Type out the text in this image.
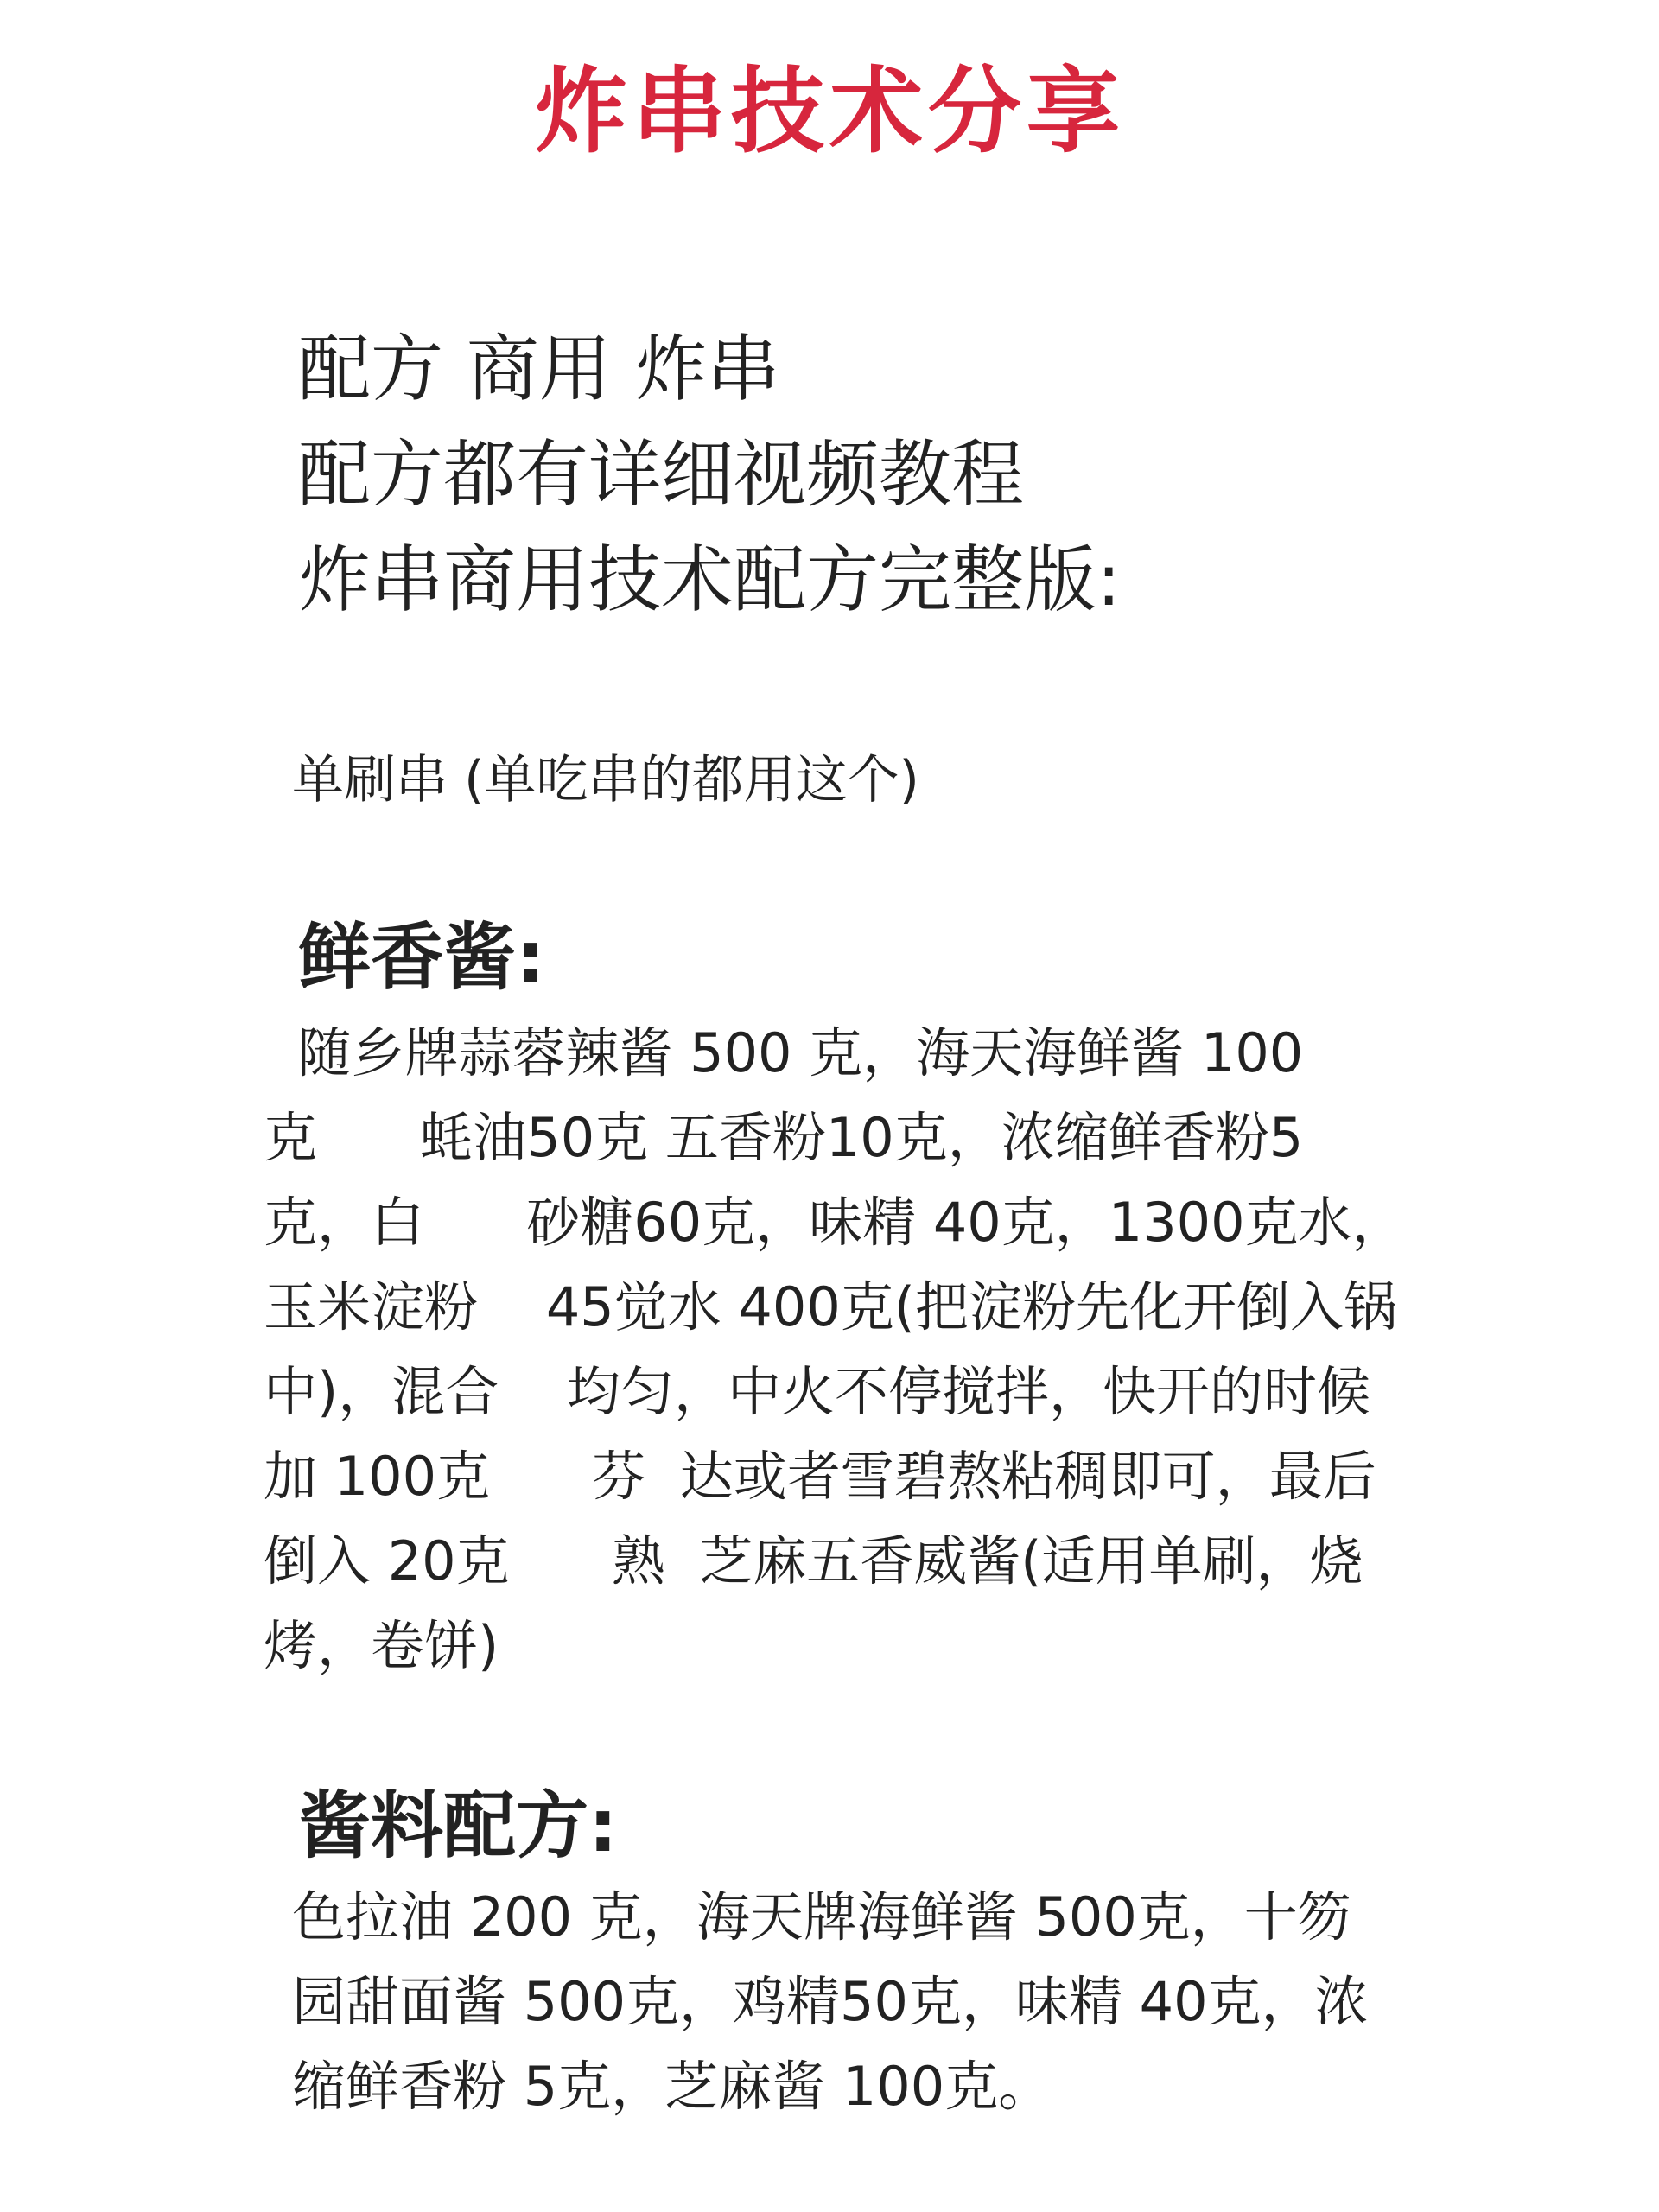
炸串技术分享
配方 商用 炸串
配方都有详细视频教程
炸串商用技术配方完整版:
单刷串 (单吃串的都用这个)
鲜香酱:
随乡牌蒜蓉辣酱 500 克，海天海鲜酱 100
克      蚝油50克 五香粉10克，浓缩鲜香粉5
克，白      砂糖60克，味精 40克，1300克水，
玉米淀粉    45觉水 400克(把淀粉先化开倒入锅
中)，混合    均匀，中火不停搅拌，快开的时候
加 100克      芬  达或者雪碧熬粘稠即可，最后
倒入 20克      熟  芝麻五香威酱(适用单刷，烧
烤，卷饼)
酱料配方:
色拉油 200 克，海天牌海鲜酱 500克，十笏
园甜面酱 500克，鸡精50克，味精 40克，浓
缩鲜香粉 5克，芝麻酱 100克。
